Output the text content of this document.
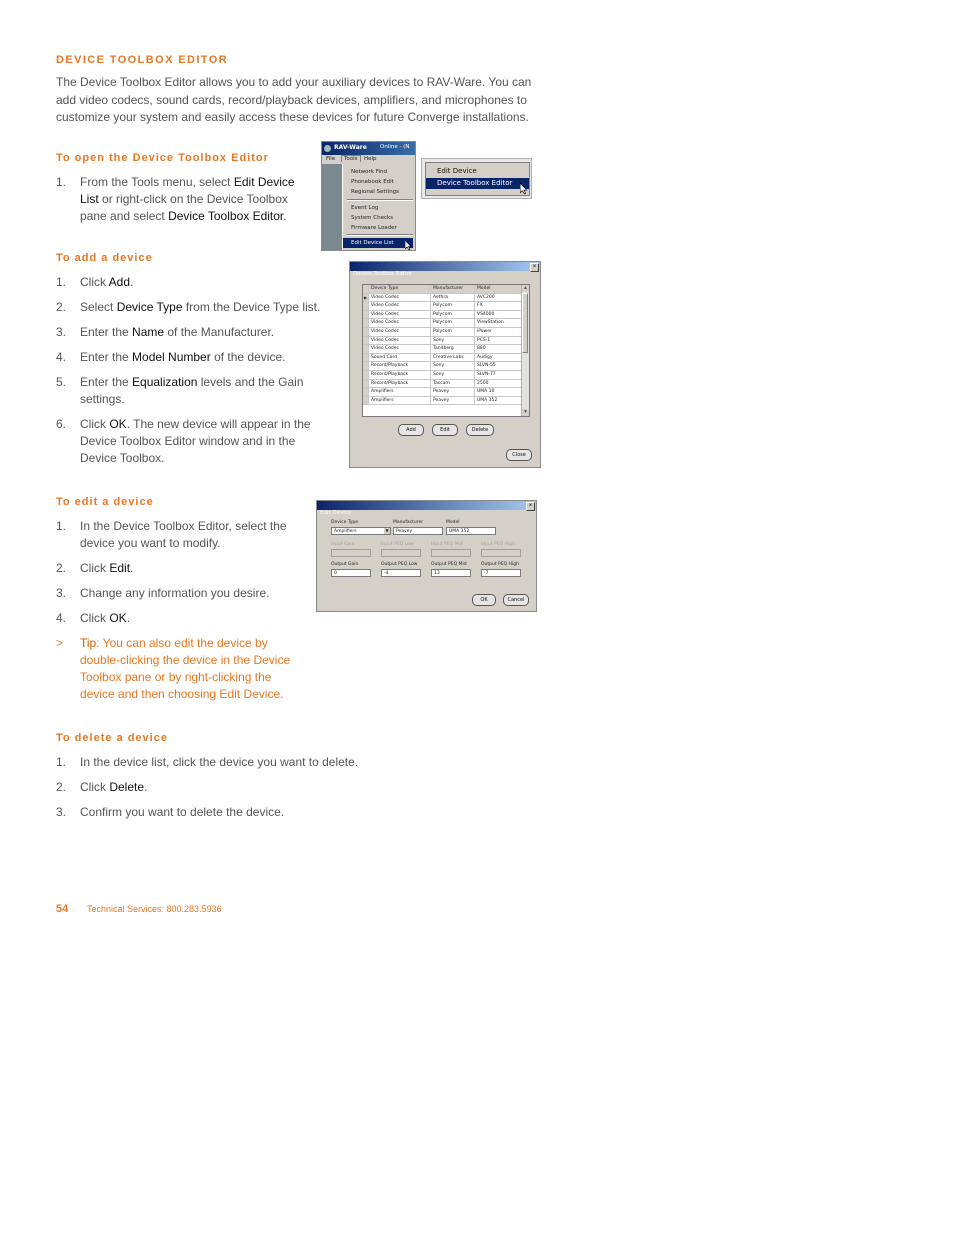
DEVICE TOOLBOX EDITOR
The Device Toolbox Editor allows you to add your auxiliary devices to RAV-Ware. You can
add video codecs, sound cards, record/playback devices, amplifiers, and microphones to
customize your system and easily access these devices for future Converge installations.
To open the Device Toolbox Editor
1.	From the Tools menu, select Edit Device
List or right-click on the Device Toolbox
pane and select Device Toolbox Editor.
RAV-Ware Online - (N
File	Tools	Help
Network Find
Phonebook Edit
Regional Settings
Event Log
System Checks
Firmware Loader
Edit Device List
Edit Device
Device Toolbox Editor
To add a device
1.	Click Add.
2.	Select Device Type from the Device Type list.
3.	Enter the Name of the Manufacturer.
4.	Enter the Model Number of the device.
5.	Enter the Equalization levels and the Gain
settings.
6.	Click OK. The new device will appear in the
Device Toolbox Editor window and in the
Device Toolbox.
Device Toolbox Editor
×
Device Type	Manufacturer	Model
▶ Video Codec	Aethra	AVC200
Video Codec	Polycom	FX
Video Codec	Polycom	VS4000
Video Codec	Polycom	ViewStation
Video Codec	Polycom	iPower
Video Codec	Sony	PCS-1
Video Codec	Tandberg	880
Sound Card	Creative Labs	Audigy
Record/Playback	Sony	SLVN-55
Record/Playback	Sony	SLVN-77
Record/Playback	Tascam	2500
Amplifiers	Peavey	UMA 10
Amplifiers	Peavey	UMA 352
▲
▼
Add	Edit	Delete
Close
To edit a device
1.	In the Device Toolbox Editor, select the
device you want to modify.
2.	Click Edit.
3.	Change any information you desire.
4.	Click OK.
>	Tip: You can also edit the device by
double-clicking the device in the Device
Toolbox pane or by right-clicking the
device and then choosing Edit Device.
Edit Device
×
Device Type
Amplifiers	▼
Manufacturer
Peavey
Model
UMA 352
Input Gain	Input PEQ Low	Input PEQ Mid	Input PEQ High
Output Gain
0
Output PEQ Low
-4
Output PEQ Mid
13
Output PEQ High
-7
OK	Cancel
To delete a device
1.	In the device list, click the device you want to delete.
2.	Click Delete.
3.	Confirm you want to delete the device.
54 Technical Services: 800.283.5936
